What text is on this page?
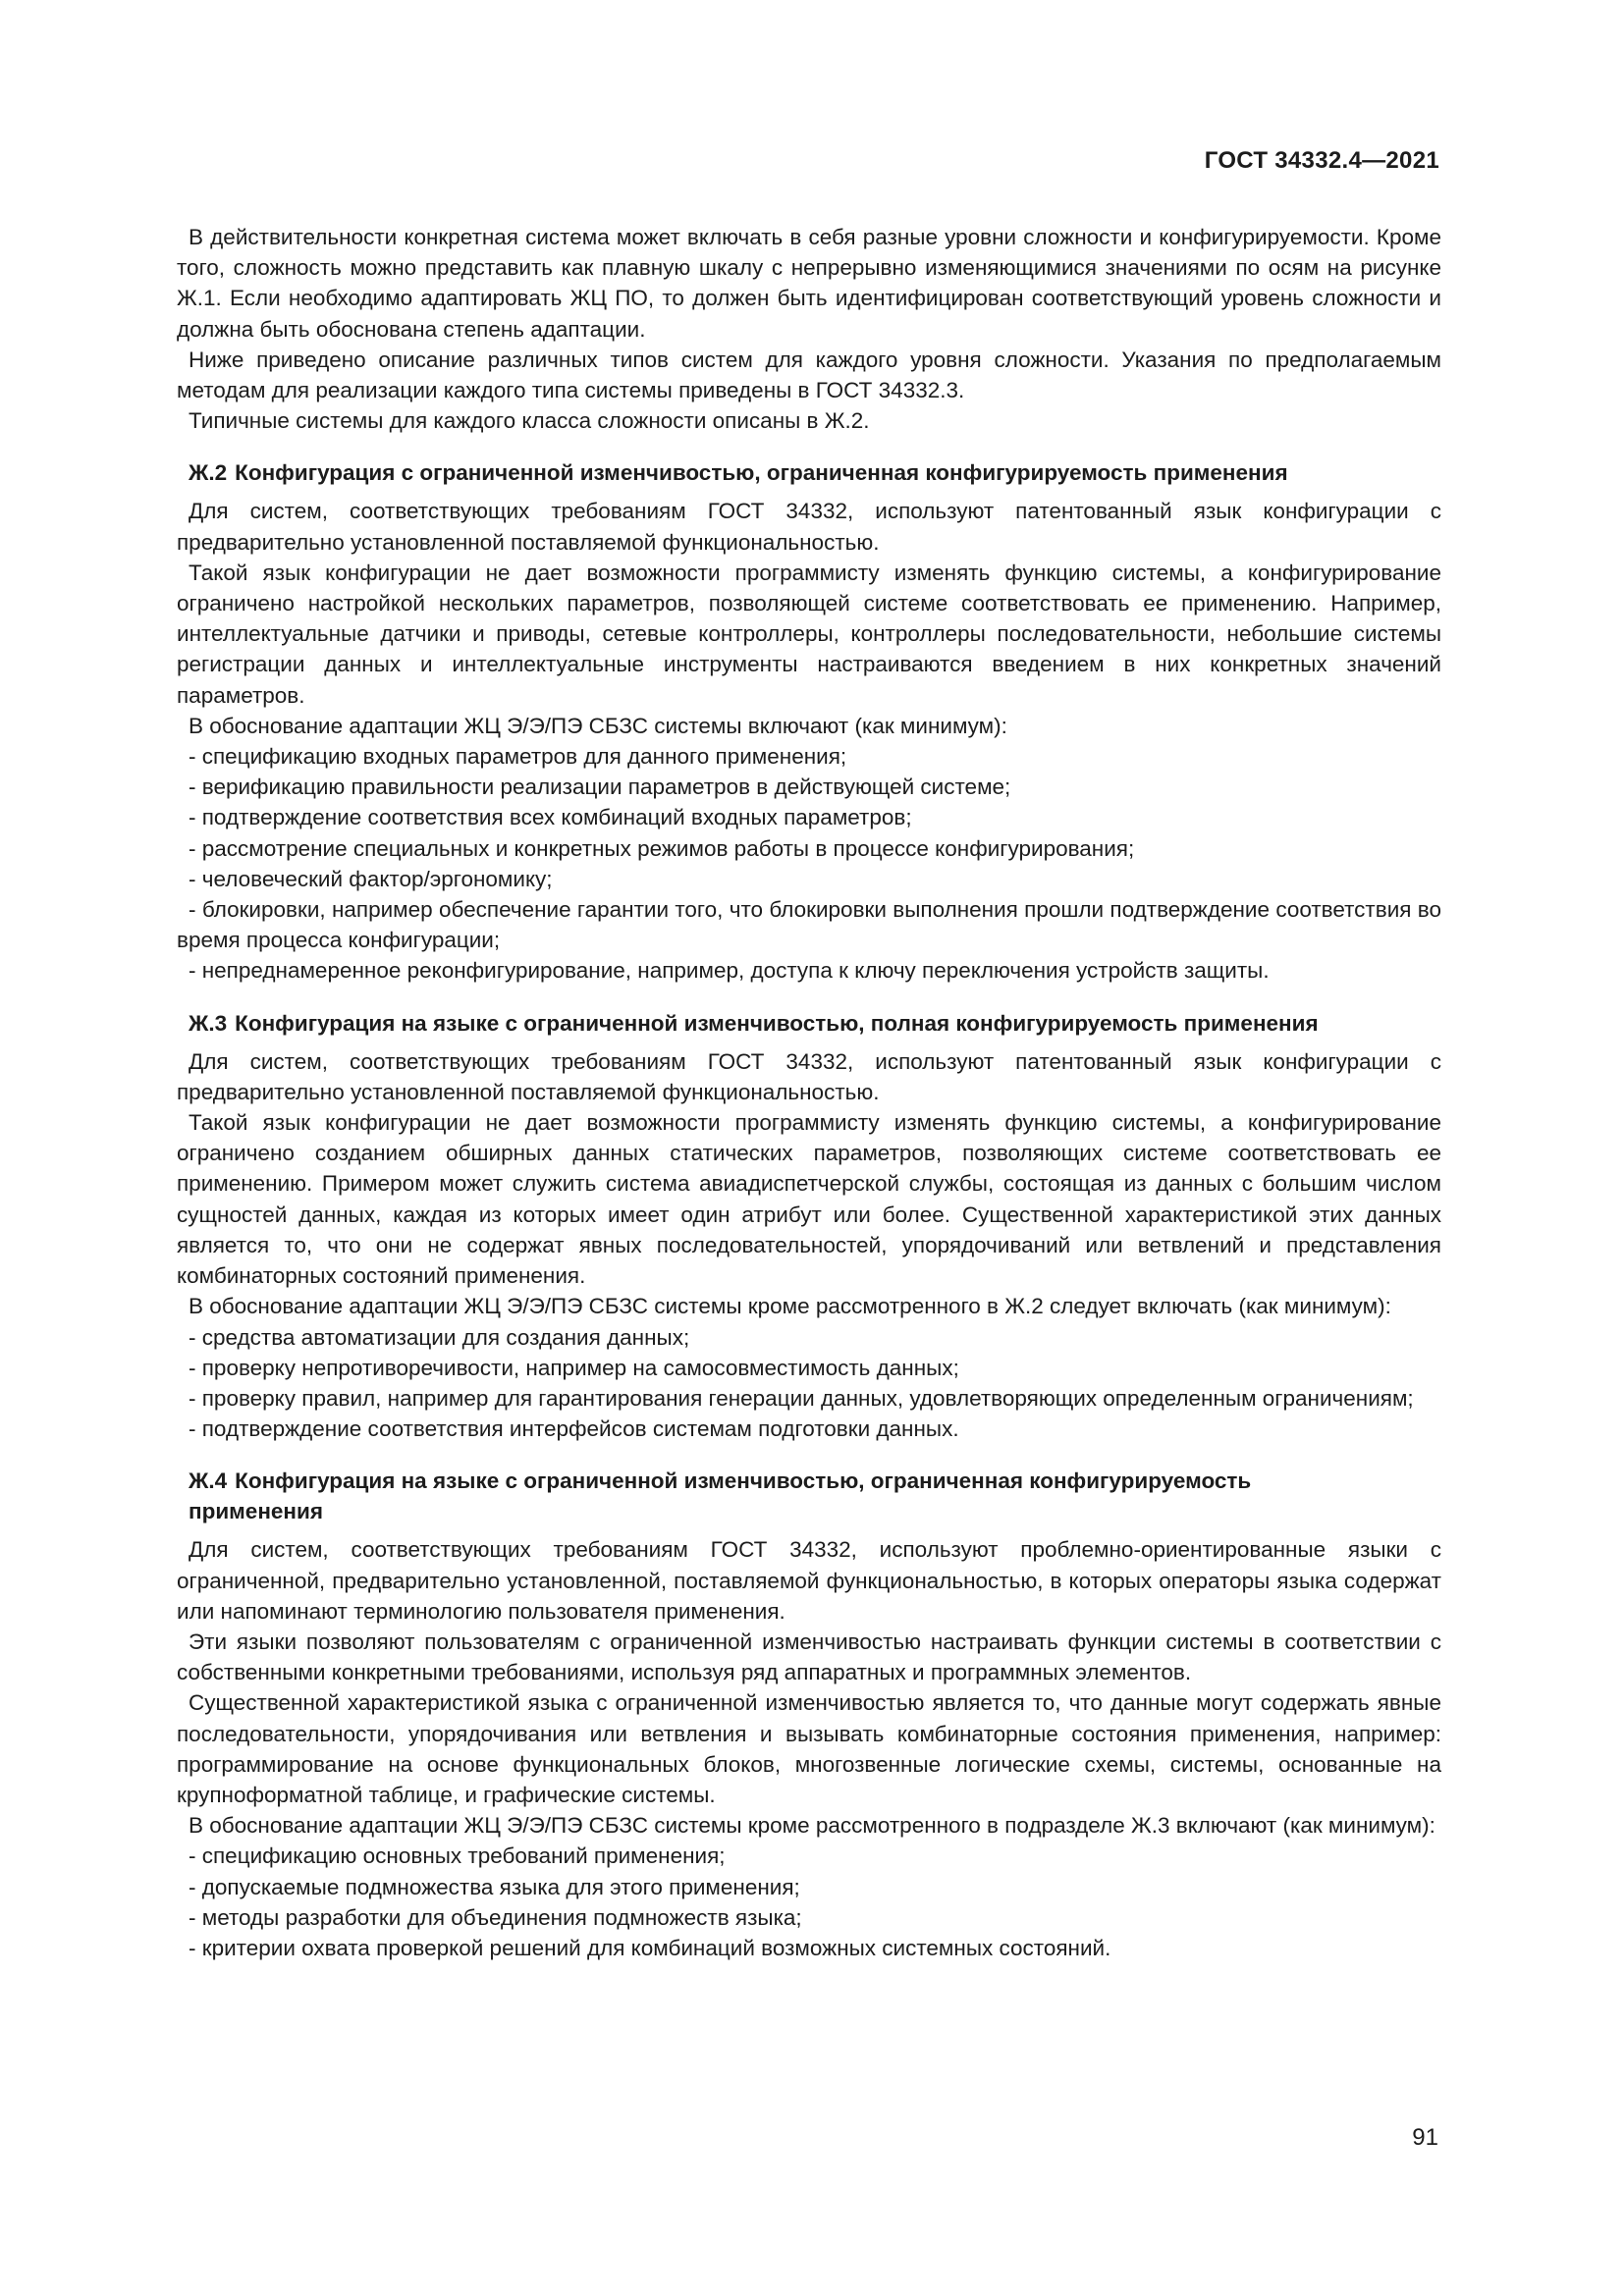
ГОСТ 34332.4—2021

В действительности конкретная система может включать в себя разные уровни сложности и конфигурируемости. Кроме того, сложность можно представить как плавную шкалу с непрерывно изменяющимися значениями по осям на рисунке Ж.1. Если необходимо адаптировать ЖЦ ПО, то должен быть идентифицирован соответствующий уровень сложности и должна быть обоснована степень адаптации.

Ниже приведено описание различных типов систем для каждого уровня сложности. Указания по предполагаемым методам для реализации каждого типа системы приведены в ГОСТ 34332.3.

Типичные системы для каждого класса сложности описаны в Ж.2.

Ж.2 Конфигурация с ограниченной изменчивостью, ограниченная конфигурируемость применения

Для систем, соответствующих требованиям ГОСТ 34332, используют патентованный язык конфигурации с предварительно установленной поставляемой функциональностью.

Такой язык конфигурации не дает возможности программисту изменять функцию системы, а конфигурирование ограничено настройкой нескольких параметров, позволяющей системе соответствовать ее применению. Например, интеллектуальные датчики и приводы, сетевые контроллеры, контроллеры последовательности, небольшие системы регистрации данных и интеллектуальные инструменты настраиваются введением в них конкретных значений параметров.

В обоснование адаптации ЖЦ Э/Э/ПЭ СБЗС системы включают (как минимум):

- спецификацию входных параметров для данного применения;

- верификацию правильности реализации параметров в действующей системе;

- подтверждение соответствия всех комбинаций входных параметров;

- рассмотрение специальных и конкретных режимов работы в процессе конфигурирования;

- человеческий фактор/эргономику;

- блокировки, например обеспечение гарантии того, что блокировки выполнения прошли подтверждение соответствия во время процесса конфигурации;

- непреднамеренное реконфигурирование, например, доступа к ключу переключения устройств защиты.

Ж.3 Конфигурация на языке с ограниченной изменчивостью, полная конфигурируемость применения

Для систем, соответствующих требованиям ГОСТ 34332, используют патентованный язык конфигурации с предварительно установленной поставляемой функциональностью.

Такой язык конфигурации не дает возможности программисту изменять функцию системы, а конфигурирование ограничено созданием обширных данных статических параметров, позволяющих системе соответствовать ее применению. Примером может служить система авиадиспетчерской службы, состоящая из данных с большим числом сущностей данных, каждая из которых имеет один атрибут или более. Существенной характеристикой этих данных является то, что они не содержат явных последовательностей, упорядочиваний или ветвлений и представления комбинаторных состояний применения.

В обоснование адаптации ЖЦ Э/Э/ПЭ СБЗС системы кроме рассмотренного в Ж.2 следует включать (как минимум):

- средства автоматизации для создания данных;

- проверку непротиворечивости, например на самосовместимость данных;

- проверку правил, например для гарантирования генерации данных, удовлетворяющих определенным ограничениям;

- подтверждение соответствия интерфейсов системам подготовки данных.

Ж.4 Конфигурация на языке с ограниченной изменчивостью, ограниченная конфигурируемость применения

Для систем, соответствующих требованиям ГОСТ 34332, используют проблемно-ориентированные языки с ограниченной, предварительно установленной, поставляемой функциональностью, в которых операторы языка содержат или напоминают терминологию пользователя применения.

Эти языки позволяют пользователям с ограниченной изменчивостью настраивать функции системы в соответствии с собственными конкретными требованиями, используя ряд аппаратных и программных элементов.

Существенной характеристикой языка с ограниченной изменчивостью является то, что данные могут содержать явные последовательности, упорядочивания или ветвления и вызывать комбинаторные состояния применения, например: программирование на основе функциональных блоков, многозвенные логические схемы, системы, основанные на крупноформатной таблице, и графические системы.

В обоснование адаптации ЖЦ Э/Э/ПЭ СБЗС системы кроме рассмотренного в подразделе Ж.3 включают (как минимум):

- спецификацию основных требований применения;

- допускаемые подмножества языка для этого применения;

- методы разработки для объединения подмножеств языка;

- критерии охвата проверкой решений для комбинаций возможных системных состояний.

91
